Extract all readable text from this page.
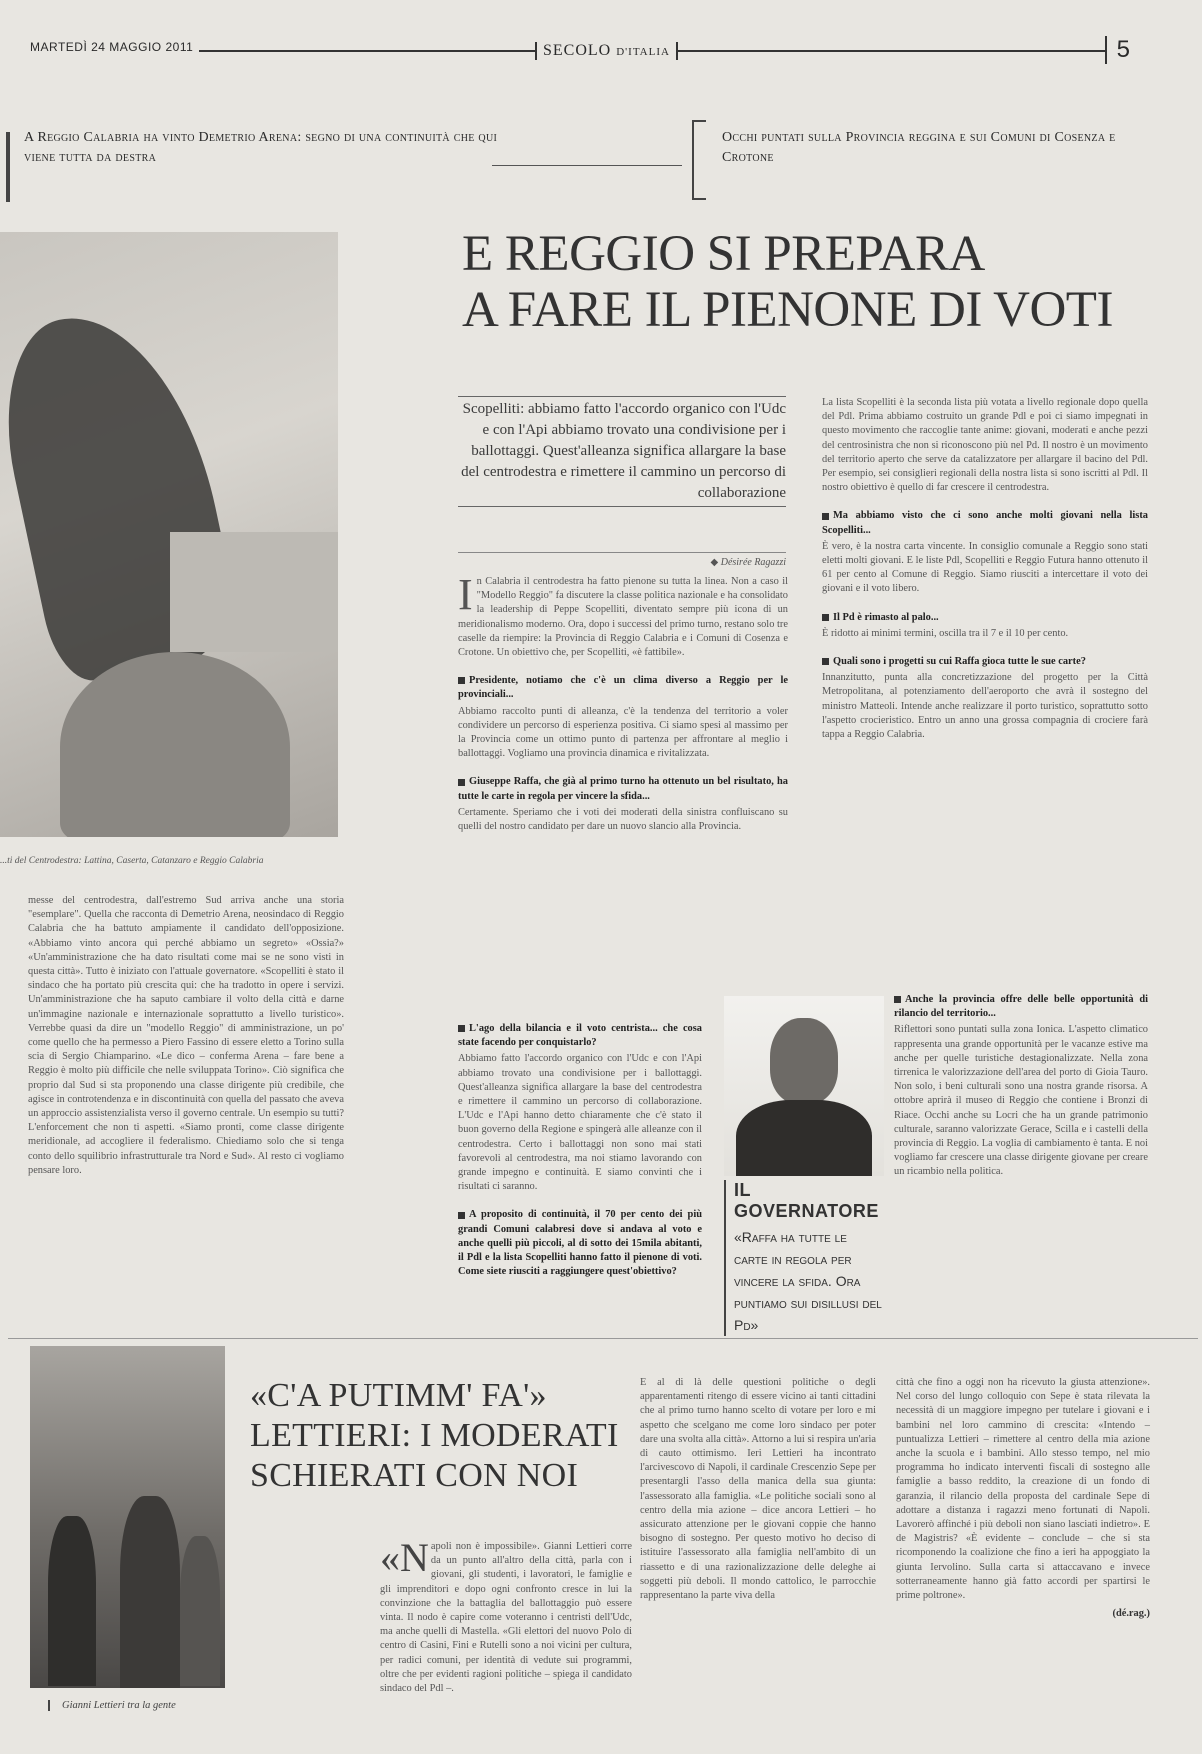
MARTEDÌ 24 MAGGIO 2011	SECOLO D'ITALIA	5
A Reggio Calabria ha vinto Demetrio Arena: segno di una continuità che qui viene tutta da destra
Occhi puntati sulla Provincia reggina e sui Comuni di Cosenza e Crotone
...ti del Centrodestra: Lattina, Caserta, Catanzaro e Reggio Calabria
E REGGIO SI PREPARA
A FARE IL PIENONE DI VOTI
Scopelliti: abbiamo fatto l'accordo organico con l'Udc e con l'Api abbiamo trovato una condivisione per i ballottaggi. Quest'alleanza significa allargare la base del centrodestra e rimettere il cammino un percorso di collaborazione
◆ Désirée Ragazzi

In Calabria il centrodestra ha fatto pienone su tutta la linea. Non a caso il "Modello Reggio" fa discutere la classe politica nazionale e ha consolidato la leadership di Peppe Scopelliti, diventato sempre più icona di un meridionalismo moderno. Ora, dopo i successi del primo turno, restano solo tre caselle da riempire: la Provincia di Reggio Calabria e i Comuni di Cosenza e Crotone. Un obiettivo che, per Scopelliti, «è fattibile».

Presidente, notiamo che c'è un clima diverso a Reggio per le provinciali...

Abbiamo raccolto punti di alleanza, c'è la tendenza del territorio a voler condividere un percorso di esperienza positiva. Ci siamo spesi al massimo per la Provincia come un ottimo punto di partenza per affrontare al meglio i ballottaggi. Vogliamo una provincia dinamica e rivitalizzata.

Giuseppe Raffa, che già al primo turno ha ottenuto un bel risultato, ha tutte le carte in regola per vincere la sfida...

Certamente. Speriamo che i voti dei moderati della sinistra confluiscano su quelli del nostro candidato per dare un nuovo slancio alla Provincia.

L'ago della bilancia e il voto centrista... che cosa state facendo per conquistarlo?

Abbiamo fatto l'accordo organico con l'Udc e con l'Api abbiamo trovato una condivisione per i ballottaggi. Quest'alleanza significa allargare la base del centrodestra e rimettere il cammino un percorso di collaborazione. L'Udc e l'Api hanno detto chiaramente che c'è stato il buon governo della Regione e spingerà alle alleanze con il centrodestra. Certo i ballottaggi non sono mai stati favorevoli al centrodestra, ma noi stiamo lavorando con grande impegno e continuità. E siamo convinti che i risultati ci saranno.

A proposito di continuità, il 70 per cento dei più grandi Comuni calabresi dove si andava al voto e anche quelli più piccoli, al di sotto dei 15mila abitanti, il Pdl e la lista Scopelliti hanno fatto il pienone di voti. Come siete riusciti a raggiungere quest'obiettivo?

La lista Scopelliti è la seconda lista più votata a livello regionale dopo quella del Pdl. Prima abbiamo costruito un grande Pdl e poi ci siamo impegnati in questo movimento che raccoglie tante anime: giovani, moderati e anche pezzi del centrosinistra che non si riconoscono più nel Pd. Il nostro è un movimento del territorio aperto che serve da catalizzatore per allargare il bacino del Pdl. Per esempio, sei consiglieri regionali della nostra lista si sono iscritti al Pdl. Il nostro obiettivo è quello di far crescere il centrodestra.

Ma abbiamo visto che ci sono anche molti giovani nella lista Scopelliti...

È vero, è la nostra carta vincente. In consiglio comunale a Reggio sono stati eletti molti giovani. E le liste Pdl, Scopelliti e Reggio Futura hanno ottenuto il 61 per cento al Comune di Reggio. Siamo riusciti a intercettare il voto dei giovani e il voto libero.

Il Pd è rimasto al palo...

È ridotto ai minimi termini, oscilla tra il 7 e il 10 per cento.

Quali sono i progetti su cui Raffa gioca tutte le sue carte?

Innanzitutto, punta alla concretizzazione del progetto per la Città Metropolitana, al potenziamento dell'aeroporto che avrà il sostegno del ministro Matteoli. Intende anche realizzare il porto turistico, soprattutto sotto l'aspetto crocieristico. Entro un anno una grossa compagnia di crociere farà tappa a Reggio Calabria.

IL GOVERNATORE
«Raffa ha tutte le carte in regola per vincere la sfida. Ora puntiamo sui disillusi del Pd»
Anche la provincia offre delle belle opportunità di rilancio del territorio...

Riflettori sono puntati sulla zona Ionica. L'aspetto climatico rappresenta una grande opportunità per le vacanze estive ma anche per quelle turistiche destagionalizzate. Nella zona tirrenica le valorizzazione dell'area del porto di Gioia Tauro. Non solo, i beni culturali sono una nostra grande risorsa. A ottobre aprirà il museo di Reggio che contiene i Bronzi di Riace. Occhi anche su Locri che ha un grande patrimonio culturale, saranno valorizzate Gerace, Scilla e i castelli della provincia di Reggio. La voglia di cambiamento è tanta. E noi vogliamo far crescere una classe dirigente giovane per creare un ricambio nella politica.

messe del centrodestra, dall'estremo Sud arriva anche una storia "esemplare". Quella che racconta di Demetrio Arena, neosindaco di Reggio Calabria che ha battuto ampiamente il candidato dell'opposizione. «Abbiamo vinto ancora qui perché abbiamo un segreto» «Ossia?» «Un'amministrazione che ha dato risultati come mai se ne sono visti in questa città». Tutto è iniziato con l'attuale governatore. «Scopelliti è stato il sindaco che ha portato più crescita qui: che ha tradotto in opere i servizi. Un'amministrazione che ha saputo cambiare il volto della città e darne un'immagine nazionale e internazionale soprattutto a livello turistico». Verrebbe quasi da dire un "modello Reggio" di amministrazione, un po' come quello che ha permesso a Piero Fassino di essere eletto a Torino sulla scia di Sergio Chiamparino. «Le dico – conferma Arena – fare bene a Reggio è molto più difficile che nelle sviluppata Torino». Ciò significa che proprio dal Sud si sta proponendo una classe dirigente più credibile, che agisce in controtendenza e in discontinuità con quella del passato che aveva un approccio assistenzialista verso il governo centrale. Un esempio su tutti? L'enforcement che non ti aspetti. «Siamo pronti, come classe dirigente meridionale, ad accogliere il federalismo. Chiediamo solo che si tenga conto dello squilibrio infrastrutturale tra Nord e Sud». Al resto ci vogliamo pensare loro.
Gianni Lettieri tra la gente
«C'A PUTIMM' FA'»
LETTIERI: I MODERATI
SCHIERATI CON NOI
«Napoli non è impossibile». Gianni Lettieri corre da un punto all'altro della città, parla con i giovani, gli studenti, i lavoratori, le famiglie e gli imprenditori e dopo ogni confronto cresce in lui la convinzione che la battaglia del ballottaggio può essere vinta. Il nodo è capire come voteranno i centristi dell'Udc, ma anche quelli di Mastella. «Gli elettori del nuovo Polo di centro di Casini, Fini e Rutelli sono a noi vicini per cultura, per radici comuni, per identità di vedute sui programmi, oltre che per evidenti ragioni politiche – spiega il candidato sindaco del Pdl –.
E al di là delle questioni politiche o degli apparentamenti ritengo di essere vicino ai tanti cittadini che al primo turno hanno scelto di votare per loro e mi aspetto che scelgano me come loro sindaco per poter dare una svolta alla città». Attorno a lui si respira un'aria di cauto ottimismo. Ieri Lettieri ha incontrato l'arcivescovo di Napoli, il cardinale Crescenzio Sepe per presentargli l'asso della manica della sua giunta: l'assessorato alla famiglia. «Le politiche sociali sono al centro della mia azione – dice ancora Lettieri – ho assicurato attenzione per le giovani coppie che hanno bisogno di sostegno. Per questo motivo ho deciso di istituire l'assessorato alla famiglia nell'ambito di un riassetto e di una razionalizzazione delle deleghe ai soggetti più deboli. Il mondo cattolico, le parrocchie rappresentano la parte viva della

città che fino a oggi non ha ricevuto la giusta attenzione». Nel corso del lungo colloquio con Sepe è stata rilevata la necessità di un maggiore impegno per tutelare i giovani e i bambini nel loro cammino di crescita: «Intendo – puntualizza Lettieri – rimettere al centro della mia azione anche la scuola e i bambini. Allo stesso tempo, nel mio programma ho indicato interventi fiscali di sostegno alle famiglie a basso reddito, la creazione di un fondo di garanzia, il rilancio della proposta del cardinale Sepe di adottare a distanza i ragazzi meno fortunati di Napoli. Lavorerò affinché i più deboli non siano lasciati indietro». E de Magistris? «È evidente – conclude – che si sta ricomponendo la coalizione che fino a ieri ha appoggiato la giunta Iervolino. Sulla carta si attaccavano e invece sotterraneamente hanno già fatto accordi per spartirsi le prime poltrone».

(dé.rag.)
